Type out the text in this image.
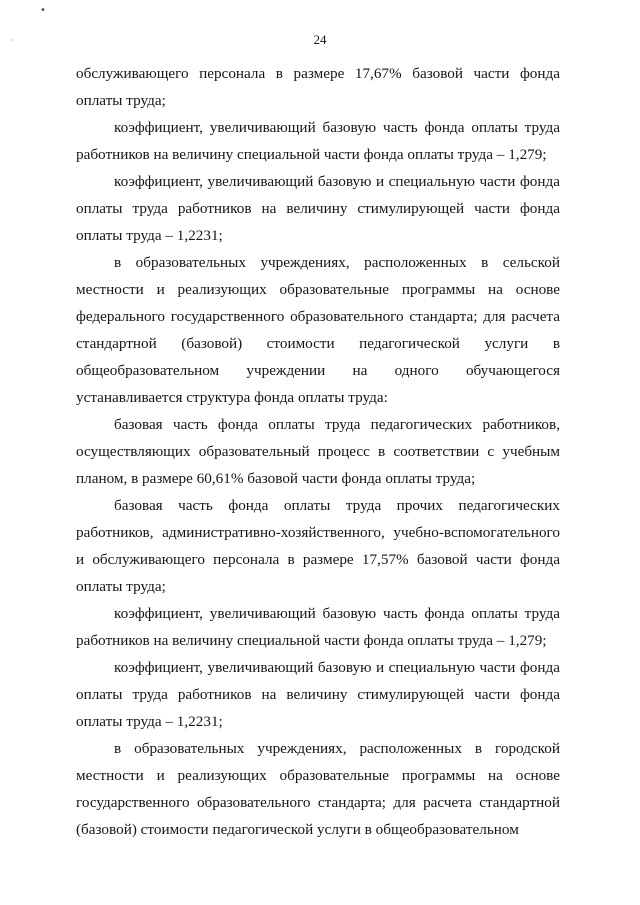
•
·	24

обслуживающего персонала в размере 17,67% базовой части фонда оплаты труда;

коэффициент, увеличивающий базовую часть фонда оплаты труда работников на величину специальной части фонда оплаты труда – 1,279;

коэффициент, увеличивающий базовую и специальную части фонда оплаты труда работников на величину стимулирующей части фонда оплаты труда – 1,2231;

в образовательных учреждениях, расположенных в сельской местности и реализующих образовательные программы на основе федерального государственного образовательного стандарта; для расчета стандартной (базовой) стоимости педагогической услуги в общеобразовательном учреждении на одного обучающегося устанавливается структура фонда оплаты труда:

базовая часть фонда оплаты труда педагогических работников, осуществляющих образовательный процесс в соответствии с учебным планом, в размере 60,61% базовой части фонда оплаты труда;

базовая часть фонда оплаты труда прочих педагогических работников, административно-хозяйственного, учебно-вспомогательного и обслуживающего персонала в размере 17,57% базовой части фонда оплаты труда;

коэффициент, увеличивающий базовую часть фонда оплаты труда работников на величину специальной части фонда оплаты труда – 1,279;

коэффициент, увеличивающий базовую и специальную части фонда оплаты труда работников на величину стимулирующей части фонда оплаты труда – 1,2231;

в образовательных учреждениях, расположенных в городской местности и реализующих образовательные программы на основе государственного образовательного стандарта; для расчета стандартной (базовой) стоимости педагогической услуги в общеобразовательном
